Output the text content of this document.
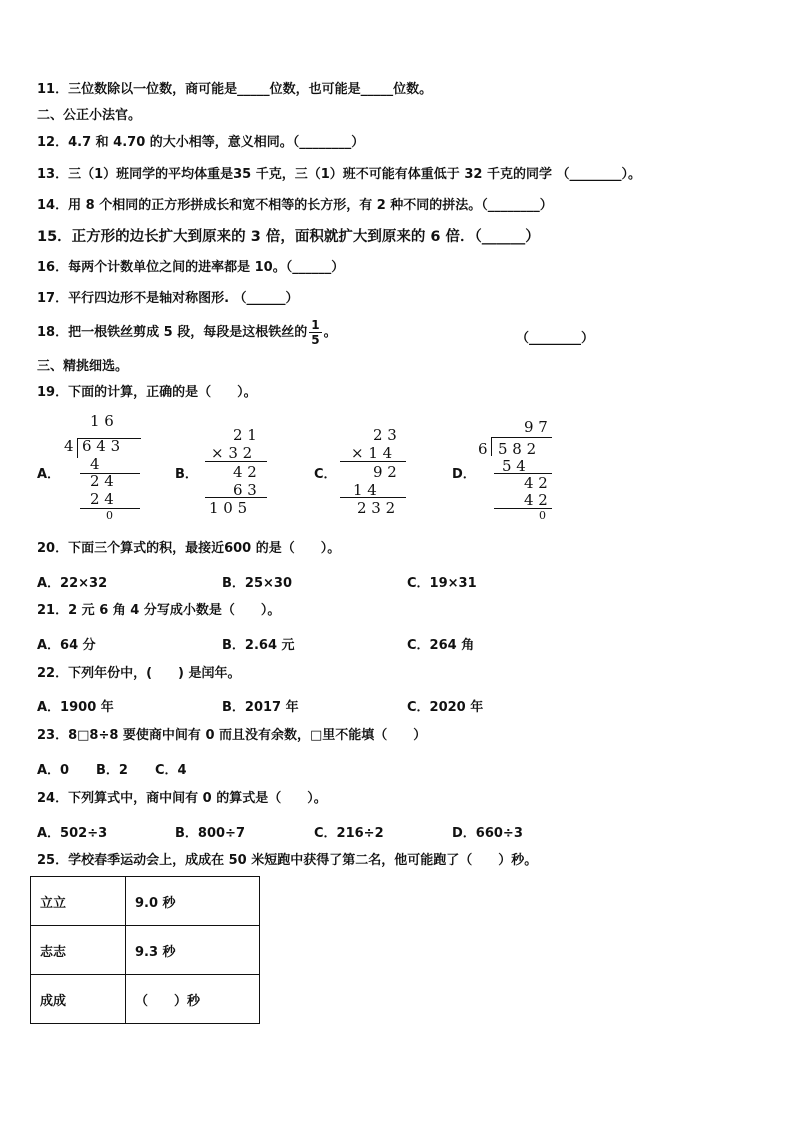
11．三位数除以一位数，商可能是_____位数，也可能是_____位数。
二、公正小法官。
12．4.7 和 4.70 的大小相等，意义相同。（________）
13．三（1）班同学的平均体重是35 千克，三（1）班不可能有体重低于 32 千克的同学 （________）。
14．用 8 个相同的正方形拼成长和宽不相等的长方形，有 2 种不同的拼法。（________）
15．正方形的边长扩大到原来的 3 倍，面积就扩大到原来的 6 倍．（______）
16．每两个计数单位之间的进率都是 10。（______）
17．平行四边形不是轴对称图形. （______）
18．把一根铁丝剪成 5 段，每段是这根铁丝的 $\frac{1}{5}$ 。	（________）
三、精挑细选。
19．下面的计算，正确的是（　　）。
A．	B．	C．	D．
1 6
4 6 4 3
4
2 4
2 4
0
2 1
× 3 2
4 2
6 3
1 0 5
2 3
× 1 4
9 2
1 4
2 3 2
9 7
6 5 8 2
5 4
4 2
4 2
0
20．下面三个算式的积，最接近600 的是（　　）。
A．22×32	B．25×30	C．19×31
21．2 元 6 角 4 分写成小数是（　　）。
A．64 分	B．2.64 元	C．264 角
22．下列年份中，(　　) 是闰年。
A．1900 年	B．2017 年	C．2020 年
23．8□8÷8 要使商中间有 0 而且没有余数，□里不能填（　　）
A．0 B．2 C．4
24．下列算式中，商中间有 0 的算式是（　　）。
A．502÷3	B．800÷7	C．216÷2	D．660÷3
25．学校春季运动会上，成成在 50 米短跑中获得了第二名，他可能跑了（　　）秒。
立立	9.0 秒
志志	9.3 秒
成成	（　　）秒
